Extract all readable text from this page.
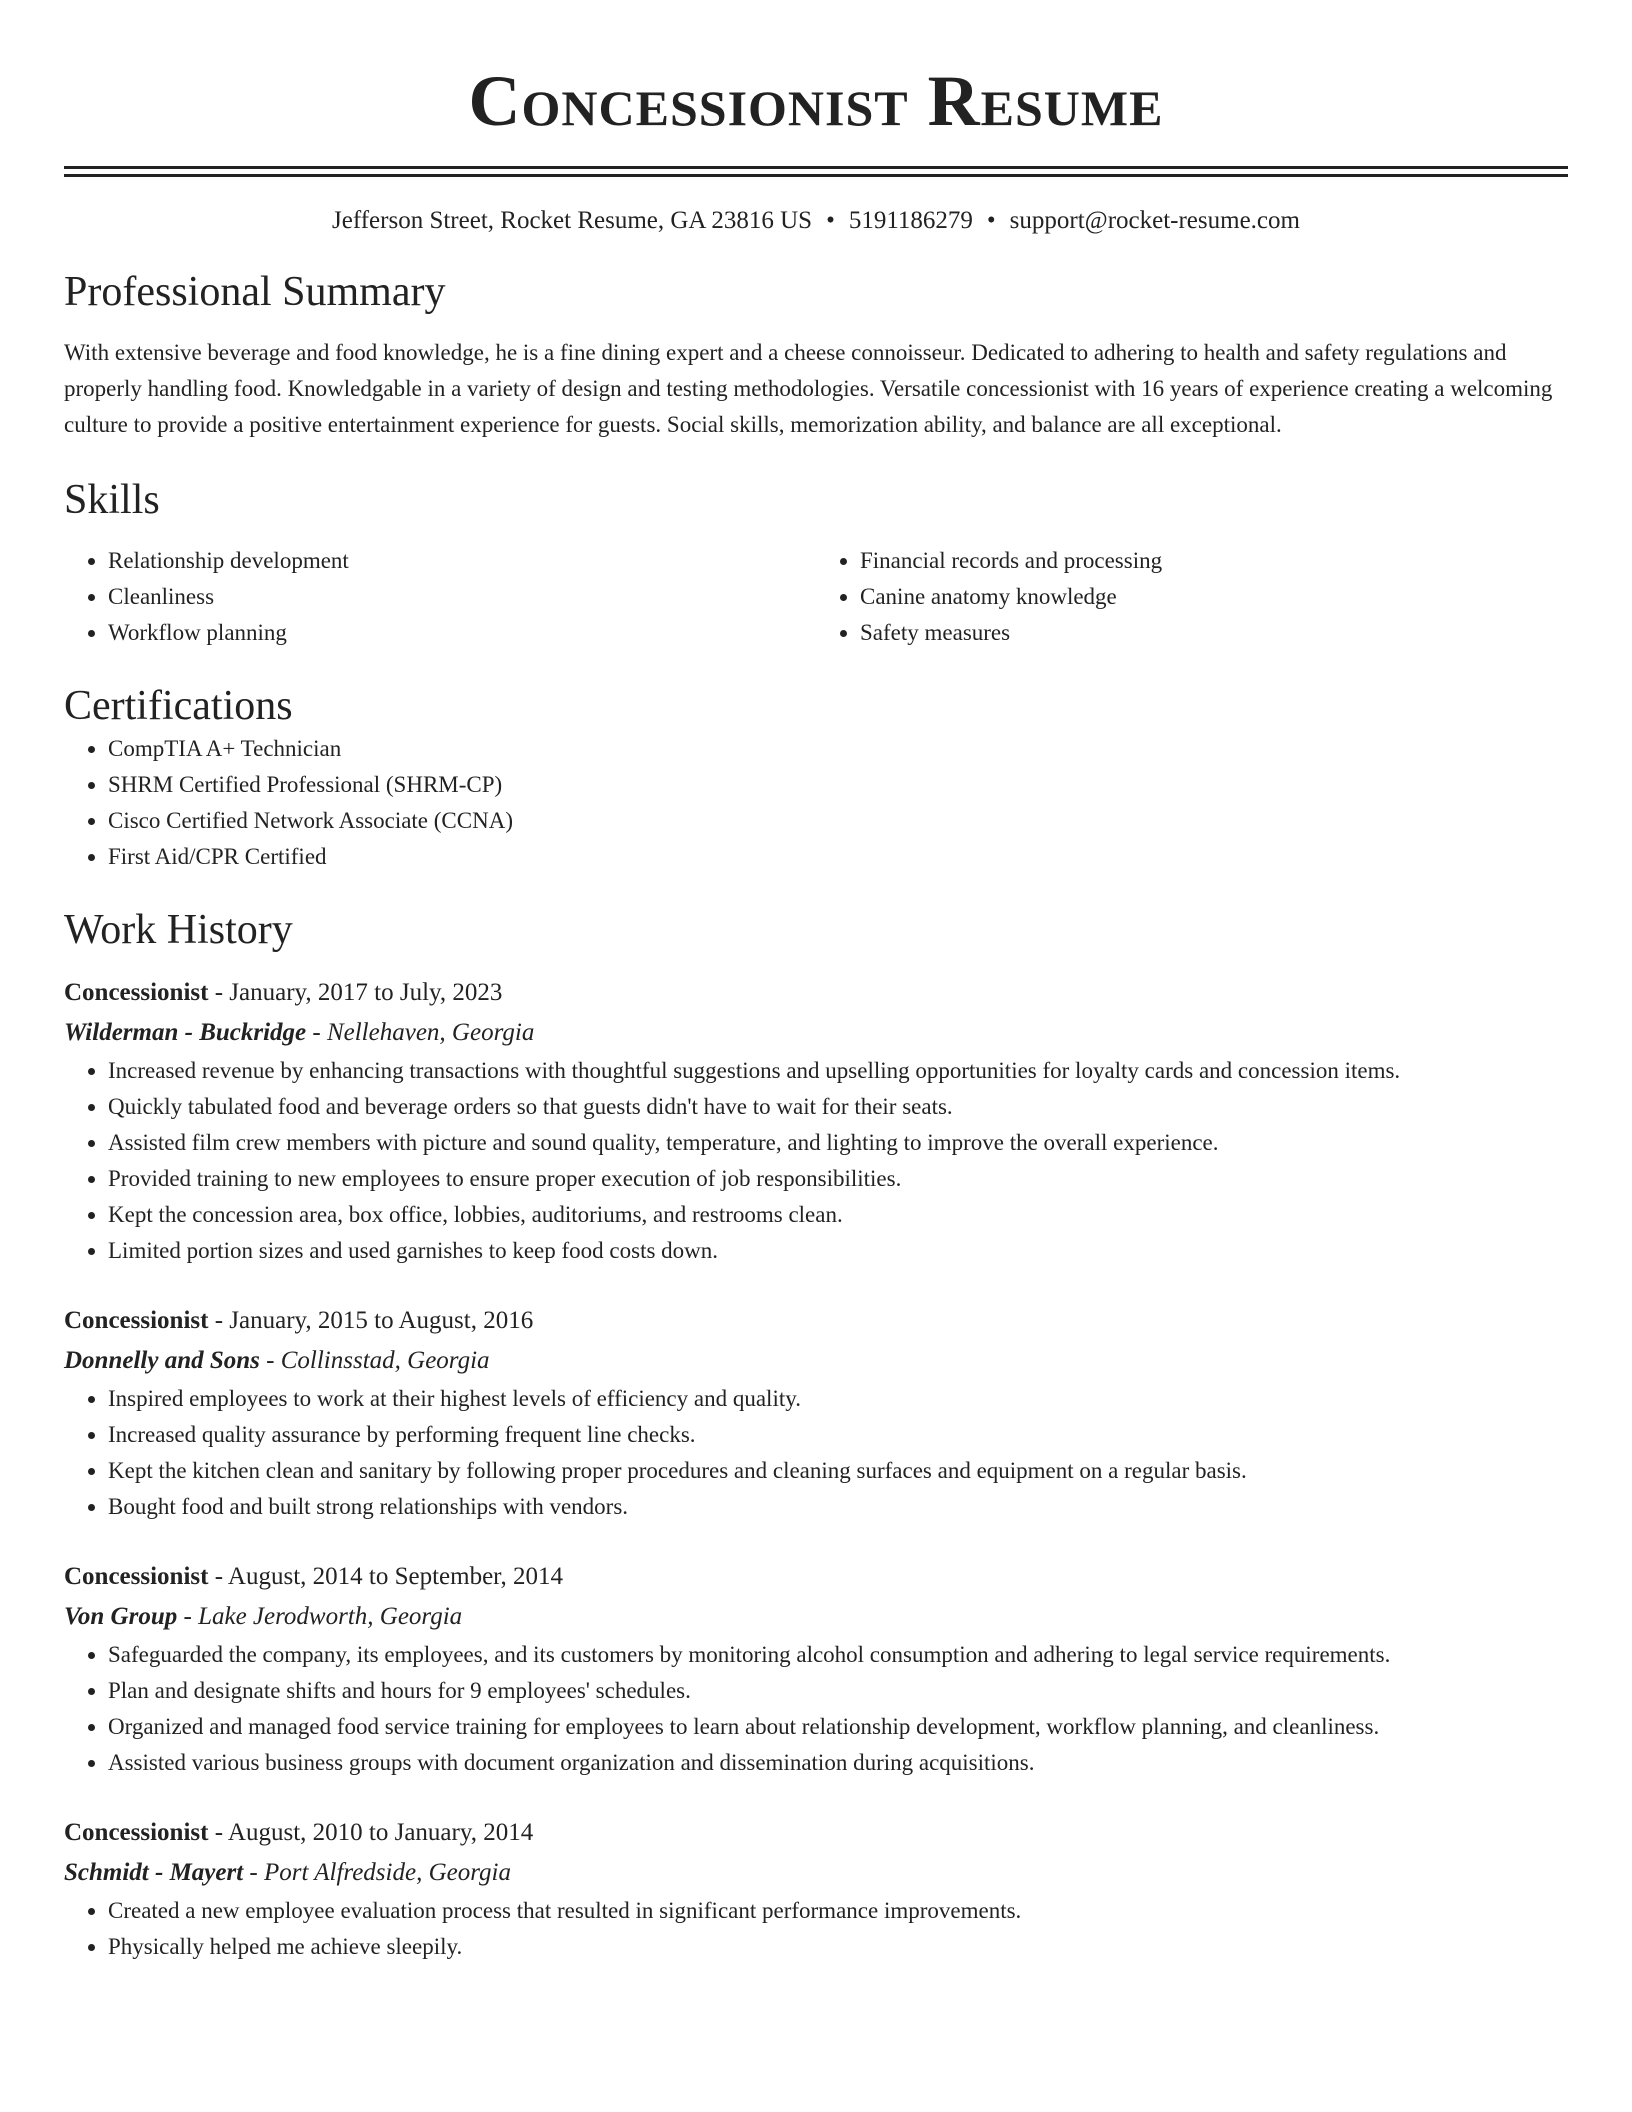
Concessionist Resume
Jefferson Street, Rocket Resume, GA 23816 US • 5191186279 • support@rocket-resume.com
Professional Summary

With extensive beverage and food knowledge, he is a fine dining expert and a cheese connoisseur. Dedicated to adhering to health and safety regulations and properly handling food. Knowledgable in a variety of design and testing methodologies. Versatile concessionist with 16 years of experience creating a welcoming culture to provide a positive entertainment experience for guests. Social skills, memorization ability, and balance are all exceptional.

Skills
• Relationship development
• Cleanliness
• Workflow planning
• Financial records and processing
• Canine anatomy knowledge
• Safety measures
Certifications
• CompTIA A+ Technician
• SHRM Certified Professional (SHRM-CP)
• Cisco Certified Network Associate (CCNA)
• First Aid/CPR Certified
Work History
Concessionist - January, 2017 to July, 2023
Wilderman - Buckridge - Nellehaven, Georgia
• Increased revenue by enhancing transactions with thoughtful suggestions and upselling opportunities for loyalty cards and concession items.
• Quickly tabulated food and beverage orders so that guests didn't have to wait for their seats.
• Assisted film crew members with picture and sound quality, temperature, and lighting to improve the overall experience.
• Provided training to new employees to ensure proper execution of job responsibilities.
• Kept the concession area, box office, lobbies, auditoriums, and restrooms clean.
• Limited portion sizes and used garnishes to keep food costs down.
Concessionist - January, 2015 to August, 2016
Donnelly and Sons - Collinsstad, Georgia
• Inspired employees to work at their highest levels of efficiency and quality.
• Increased quality assurance by performing frequent line checks.
• Kept the kitchen clean and sanitary by following proper procedures and cleaning surfaces and equipment on a regular basis.
• Bought food and built strong relationships with vendors.
Concessionist - August, 2014 to September, 2014
Von Group - Lake Jerodworth, Georgia
• Safeguarded the company, its employees, and its customers by monitoring alcohol consumption and adhering to legal service requirements.
• Plan and designate shifts and hours for 9 employees' schedules.
• Organized and managed food service training for employees to learn about relationship development, workflow planning, and cleanliness.
• Assisted various business groups with document organization and dissemination during acquisitions.
Concessionist - August, 2010 to January, 2014
Schmidt - Mayert - Port Alfredside, Georgia
• Created a new employee evaluation process that resulted in significant performance improvements.
• Physically helped me achieve sleepily.
